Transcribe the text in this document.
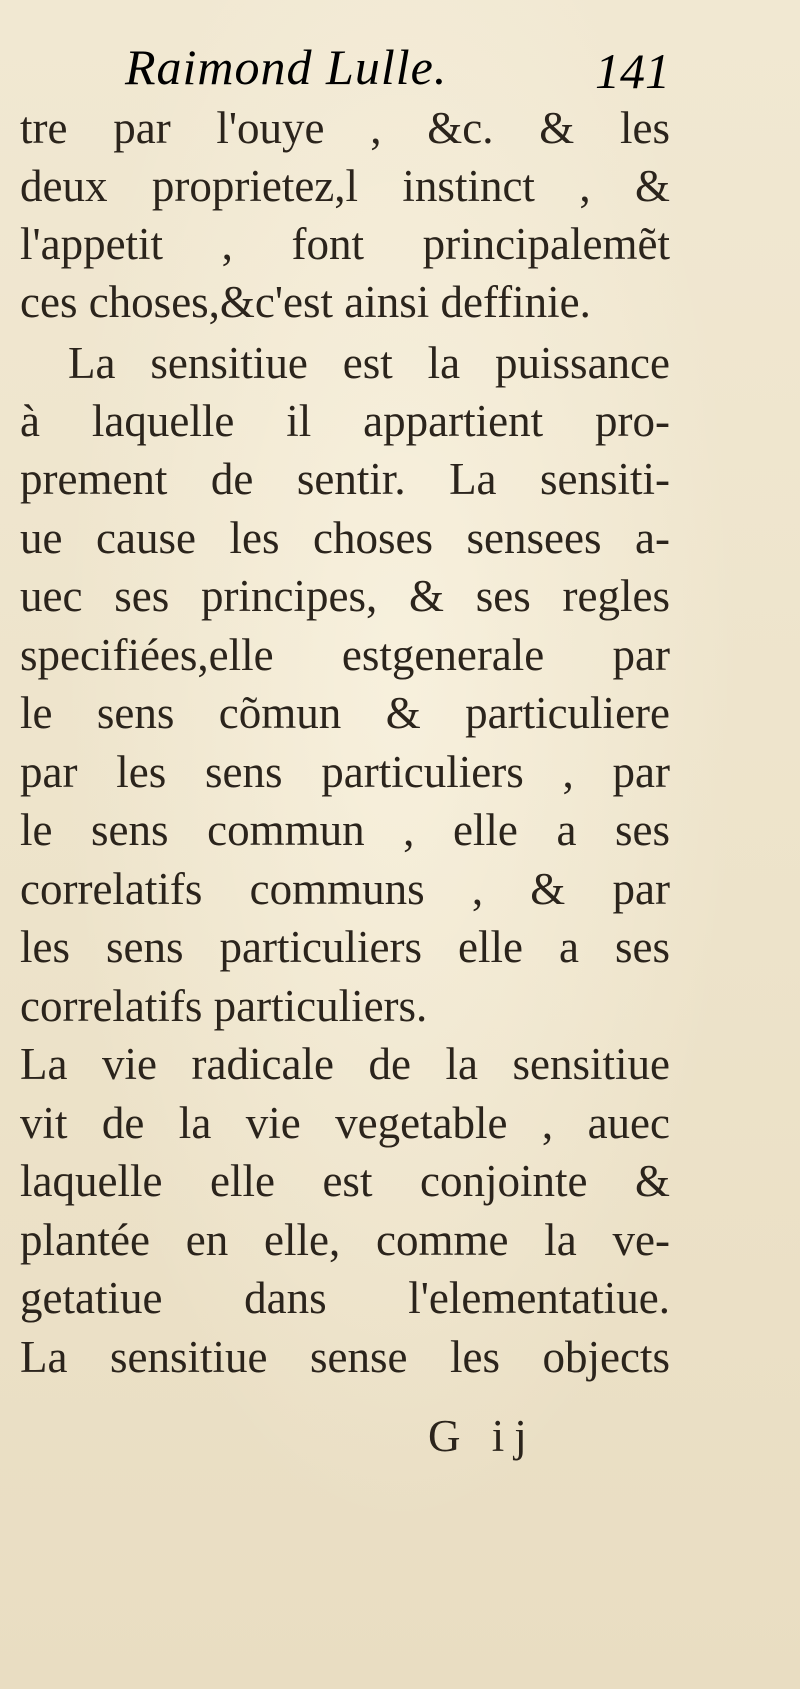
Raimond Lulle.	141
tre par l'ouye , &c. & les
deux proprietez,l instinct , &
l'appetit , font principalemẽt
ces choses,&c'est ainsi deffinie.
La sensitiue est la puissance
à laquelle il appartient pro-
prement de sentir. La sensiti-
ue cause les choses sensees a-
uec ses principes, & ses regles
specifiées,elle estgenerale par
le sens cõmun & particuliere
par les sens particuliers , par
le sens commun , elle a ses
correlatifs communs , & par
les sens particuliers elle a ses
correlatifs particuliers.
La vie radicale de la sensitiue
vit de la vie vegetable , auec
laquelle elle est conjointe &
plantée en elle, comme la ve-
getatiue dans l'elementatiue.
La sensitiue sense les objects
G ij
